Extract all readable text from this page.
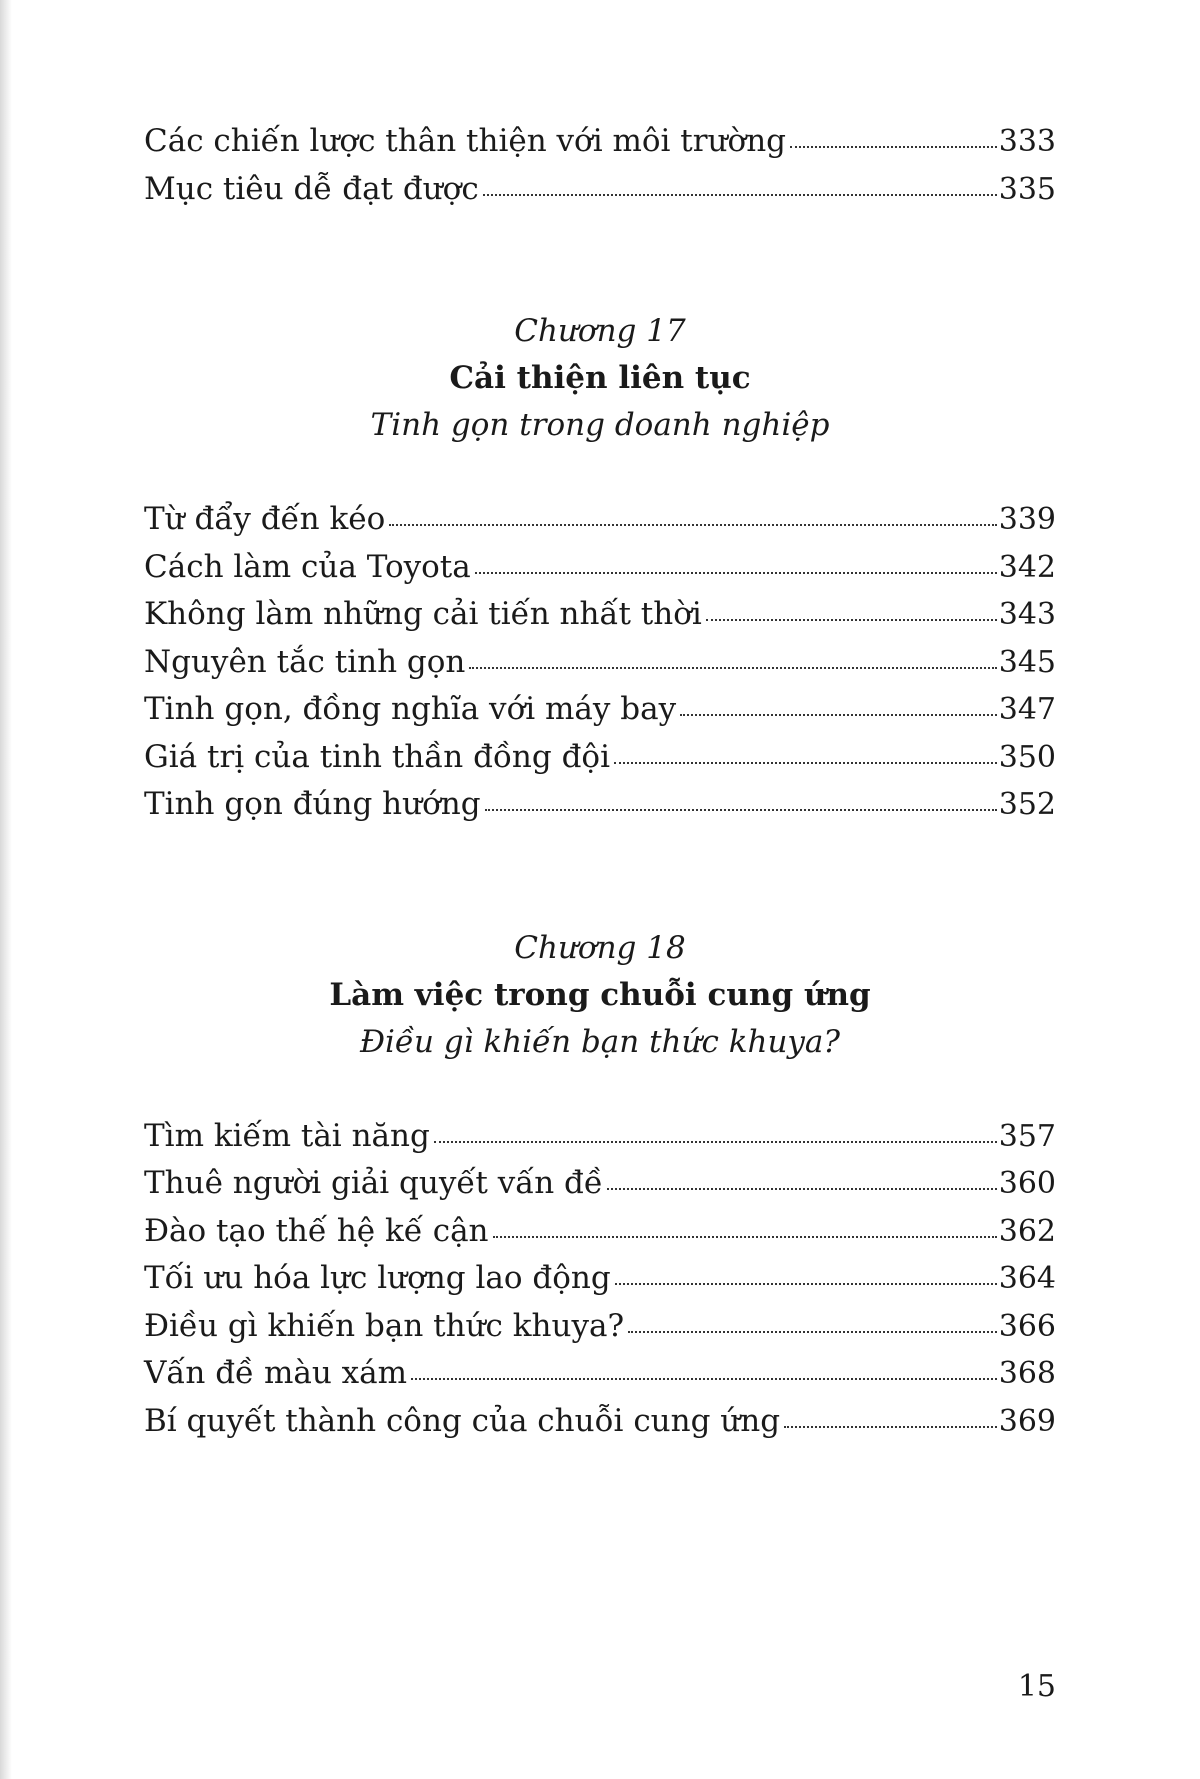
Các chiến lược thân thiện với môi trường	333
Mục tiêu dễ đạt được	335
Chương 17
Cải thiện liên tục
Tinh gọn trong doanh nghiệp
Từ đẩy đến kéo	339
Cách làm của Toyota	342
Không làm những cải tiến nhất thời	343
Nguyên tắc tinh gọn	345
Tinh gọn, đồng nghĩa với máy bay	347
Giá trị của tinh thần đồng đội	350
Tinh gọn đúng hướng	352
Chương 18
Làm việc trong chuỗi cung ứng
Điều gì khiến bạn thức khuya?
Tìm kiếm tài năng	357
Thuê người giải quyết vấn đề	360
Đào tạo thế hệ kế cận	362
Tối ưu hóa lực lượng lao động	364
Điều gì khiến bạn thức khuya?	366
Vấn đề màu xám	368
Bí quyết thành công của chuỗi cung ứng	369
15
